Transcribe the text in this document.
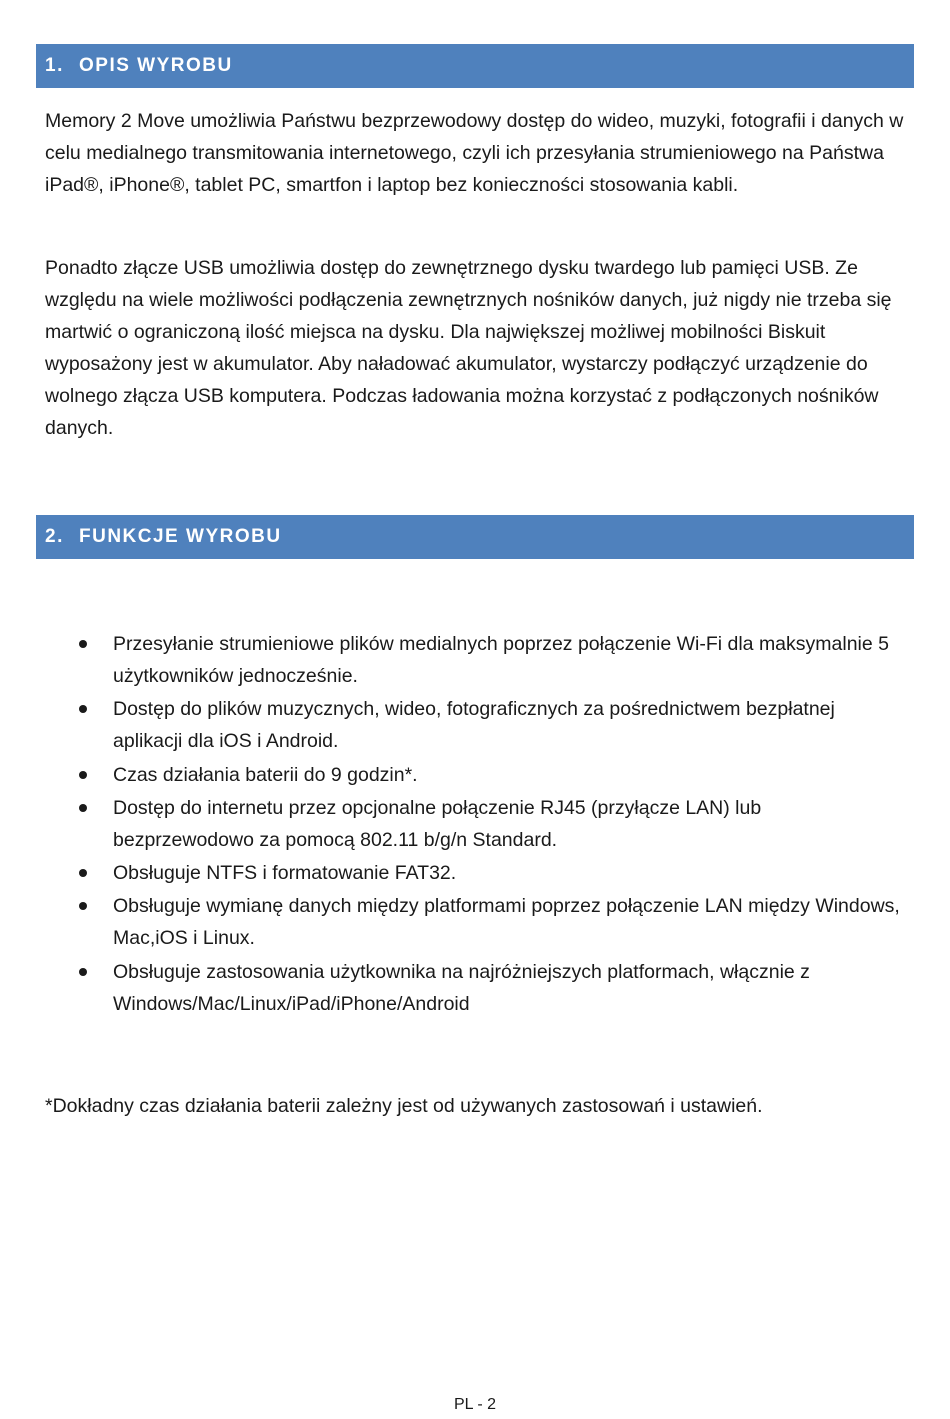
1. OPIS WYROBU

Memory 2 Move umożliwia Państwu bezprzewodowy dostęp do wideo, muzyki, fotografii i danych w celu medialnego transmitowania internetowego, czyli ich przesyłania strumieniowego na Państwa iPad®, iPhone®, tablet PC, smartfon i laptop bez konieczności stosowania kabli.

Ponadto złącze USB umożliwia dostęp do zewnętrznego dysku twardego lub pamięci USB. Ze względu na wiele możliwości podłączenia zewnętrznych nośników danych, już nigdy nie trzeba się martwić o ograniczoną ilość miejsca na dysku. Dla największej możliwej mobilności Biskuit wyposażony jest w akumulator. Aby naładować akumulator, wystarczy podłączyć urządzenie do wolnego złącza USB komputera. Podczas ładowania można korzystać z podłączonych nośników danych.

2. FUNKCJE WYROBU
Przesyłanie strumieniowe plików medialnych poprzez połączenie Wi-Fi dla maksymalnie 5 użytkowników jednocześnie.
Dostęp do plików muzycznych, wideo, fotograficznych za pośrednictwem bezpłatnej aplikacji dla iOS i Android.
Czas działania baterii do 9 godzin*.
Dostęp do internetu przez opcjonalne połączenie RJ45 (przyłącze LAN) lub bezprzewodowo za pomocą 802.11 b/g/n Standard.
Obsługuje NTFS i formatowanie FAT32.
Obsługuje wymianę danych między platformami poprzez połączenie LAN między Windows, Mac,iOS i Linux.
Obsługuje zastosowania użytkownika na najróżniejszych platformach, włącznie z Windows/Mac/Linux/iPad/iPhone/Android

*Dokładny czas działania baterii zależny jest od używanych zastosowań i ustawień.

PL - 2
